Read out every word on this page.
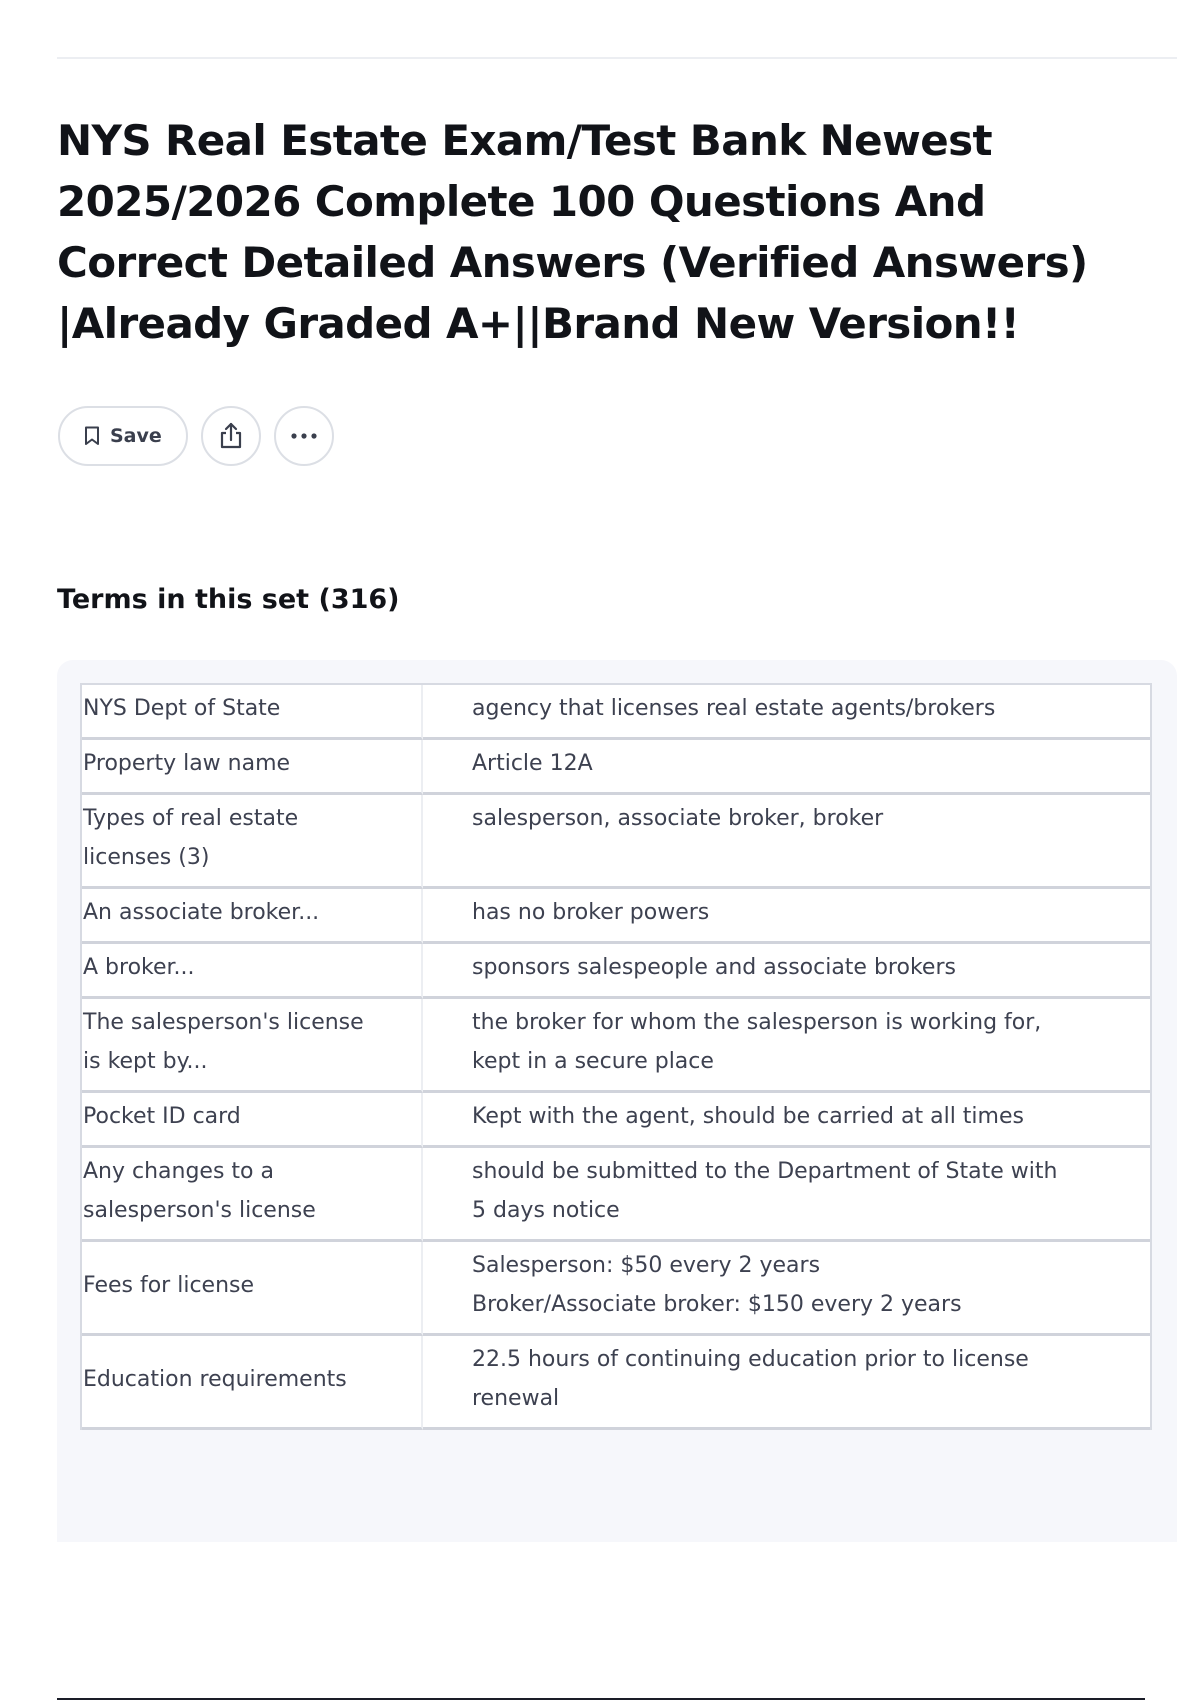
NYS Real Estate Exam/Test Bank Newest 2025/2026 Complete 100 Questions And Correct Detailed Answers (Verified Answers) |Already Graded A+||Brand New Version!!
Save
Terms in this set (316)
NYS Dept of State	agency that licenses real estate agents/brokers

Property law name	Article 12A

Types of real estate
licenses (3)	salesperson, associate broker, broker

An associate broker...	has no broker powers

A broker...	sponsors salespeople and associate brokers

The salesperson's license
is kept by...	the broker for whom the salesperson is working for,
kept in a secure place

Pocket ID card	Kept with the agent, should be carried at all times

Any changes to a
salesperson's license	should be submitted to the Department of State with
5 days notice

Fees for license	Salesperson: $50 every 2 years
Broker/Associate broker: $150 every 2 years

Education requirements	22.5 hours of continuing education prior to license
renewal
